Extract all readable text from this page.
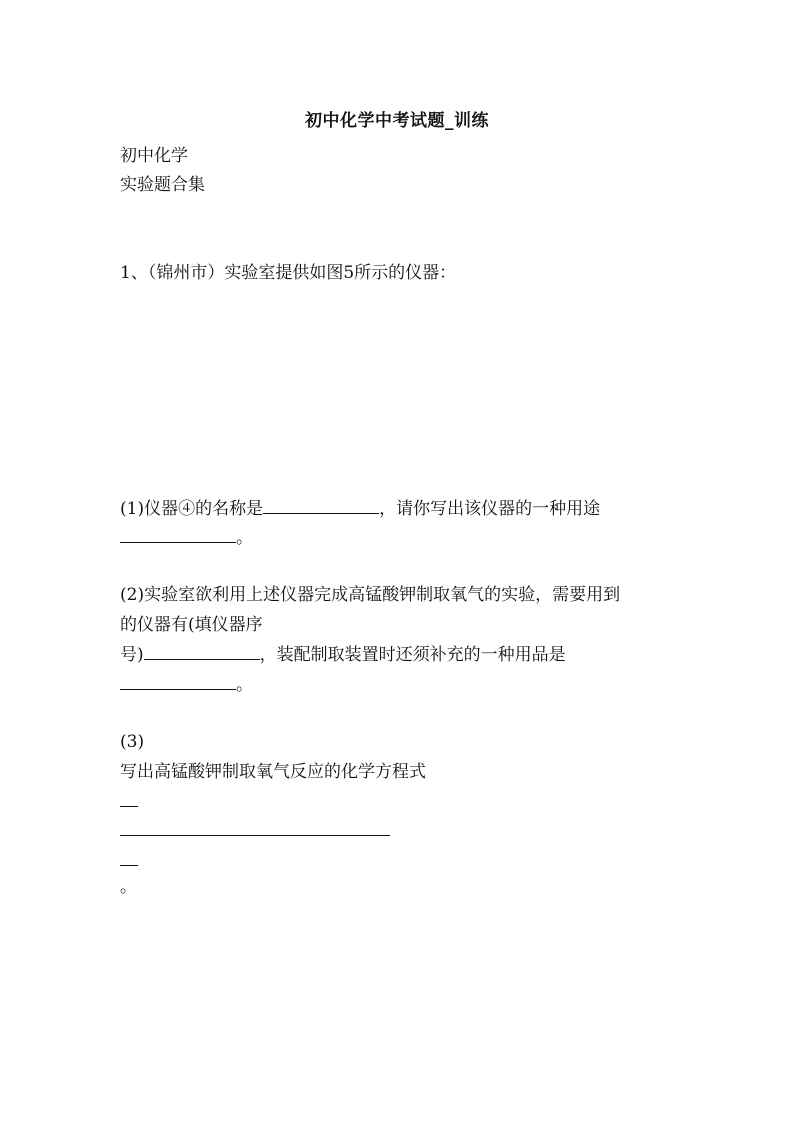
初中化学中考试题_训练
初中化学
实验题合集
1、（锦州市）实验室提供如图5所示的仪器：
(1)仪器④的名称是	，请你写出该仪器的一种用途
。
(2)实验室欲利用上述仪器完成高锰酸钾制取氧气的实验，需要用到
的仪器有(填仪器序
号)	，装配制取装置时还须补充的一种用品是
。
(3)
写出高锰酸钾制取氧气反应的化学方程式
。
